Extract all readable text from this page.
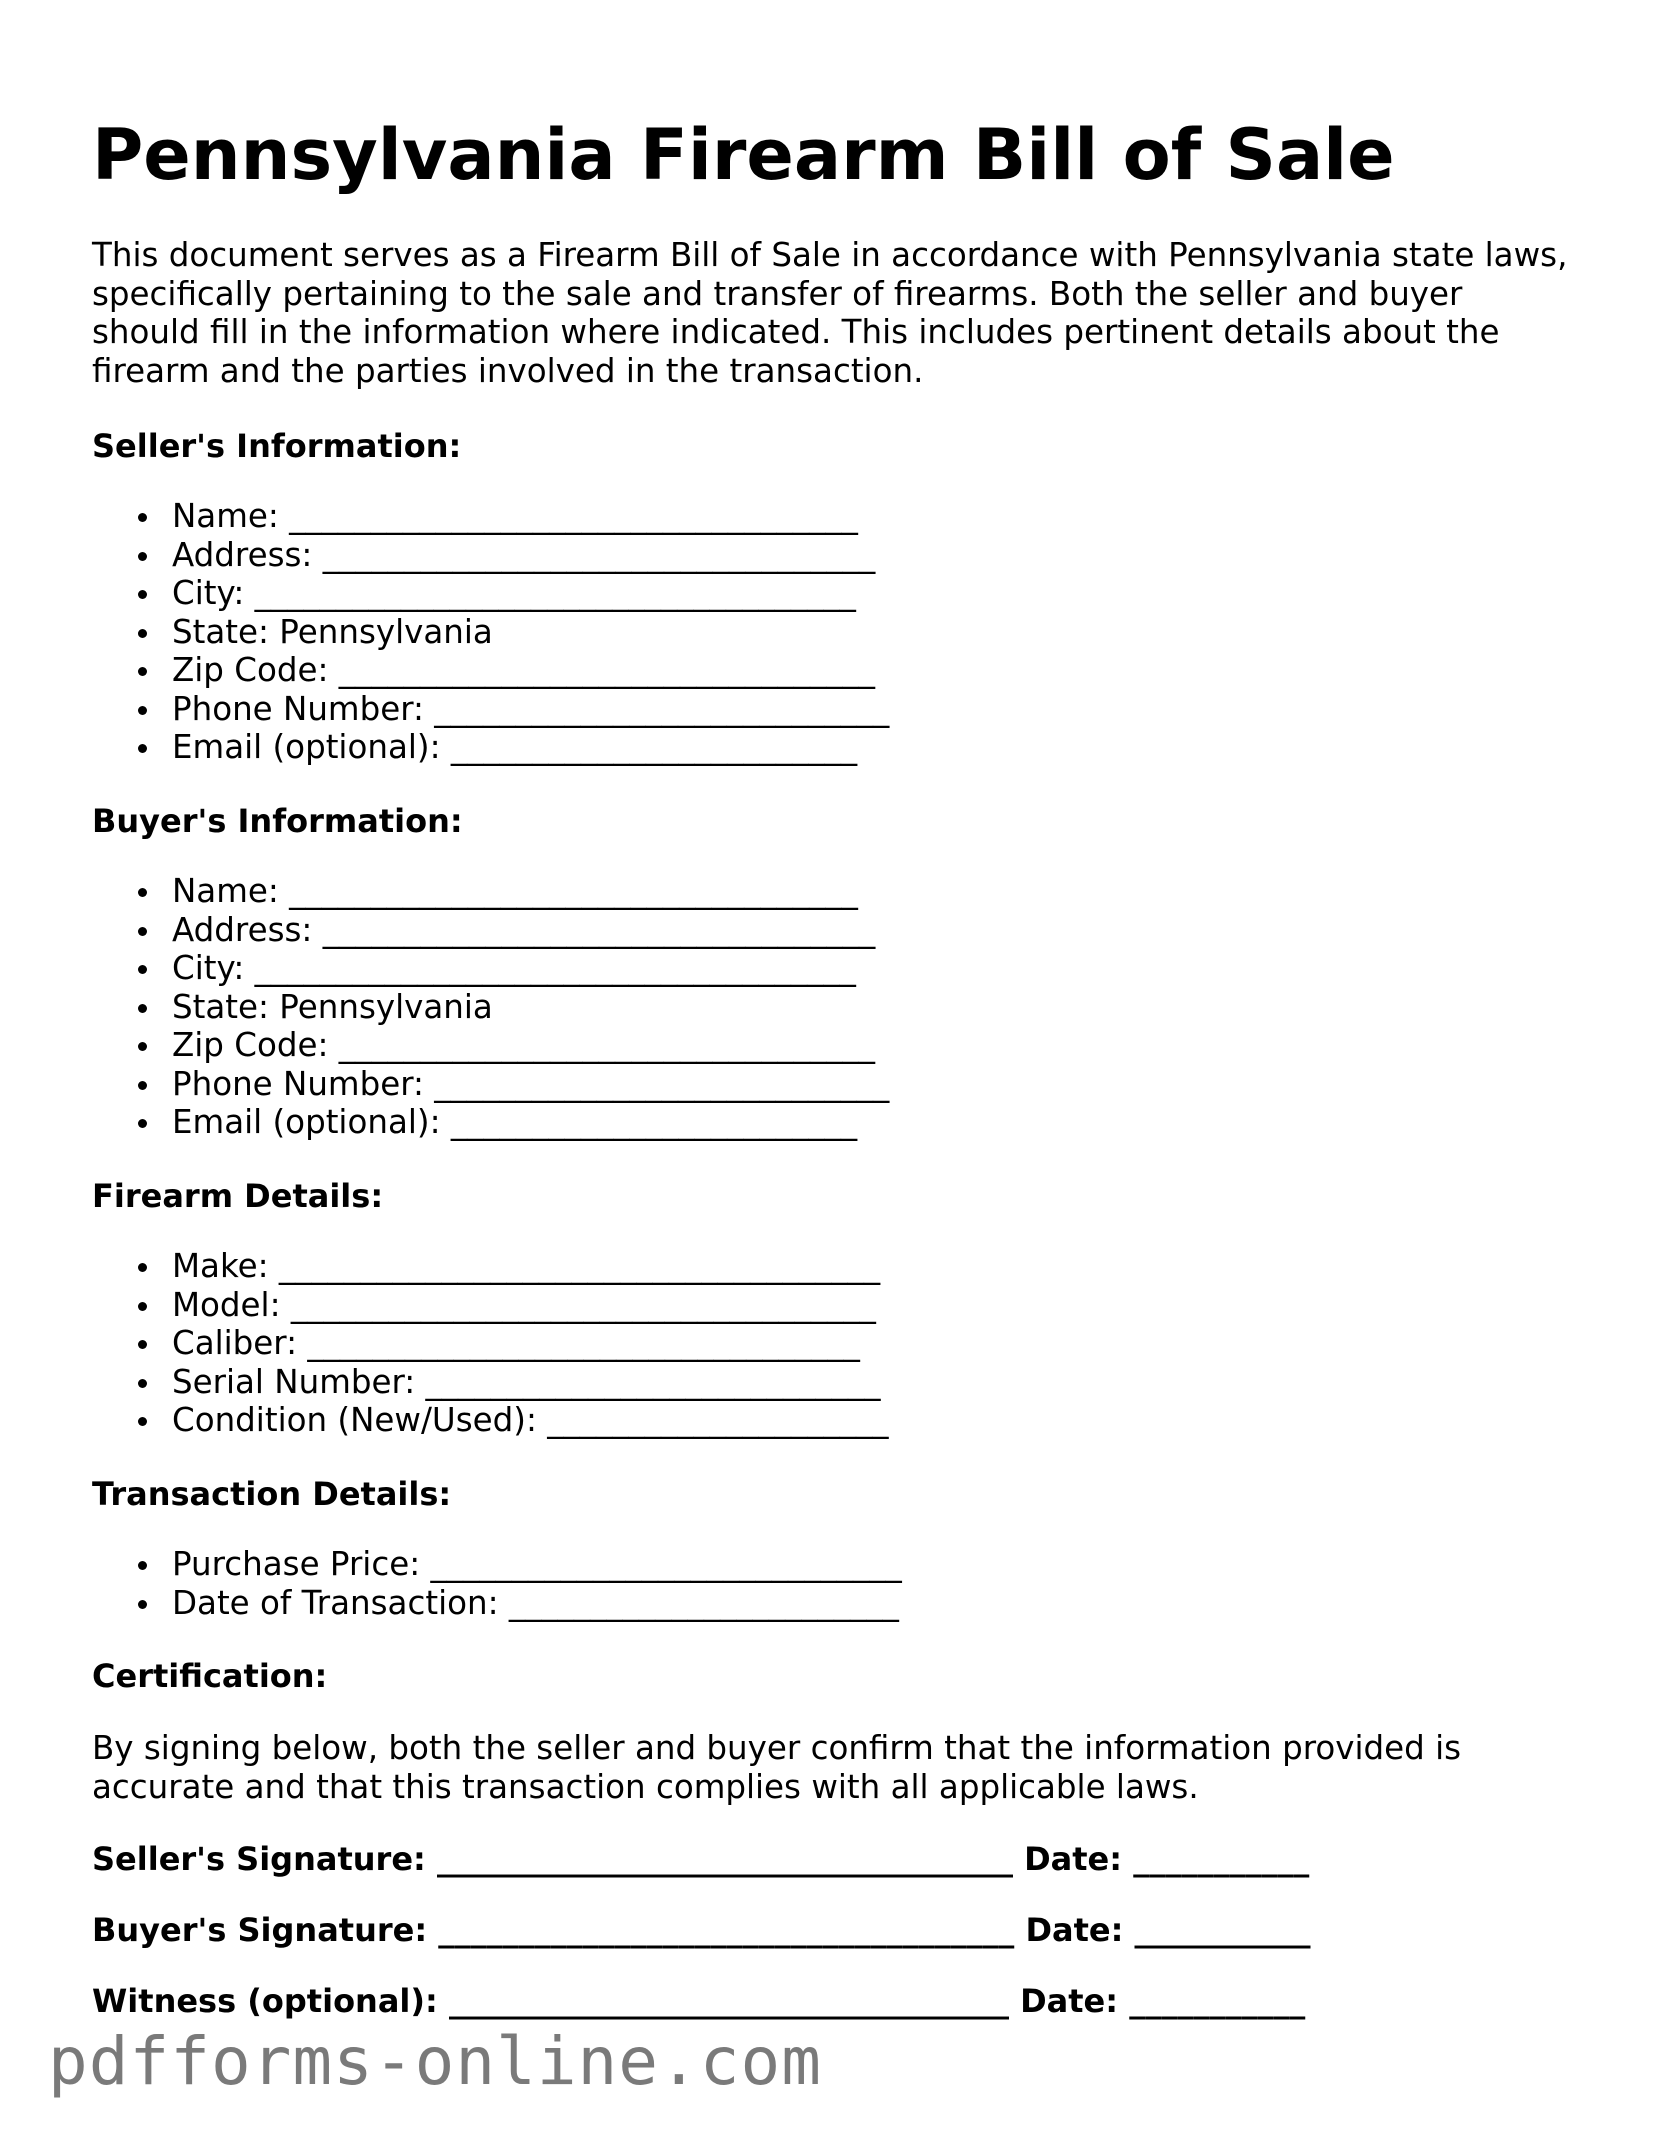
Pennsylvania Firearm Bill of Sale

This document serves as a Firearm Bill of Sale in accordance with Pennsylvania state laws, specifically pertaining to the sale and transfer of firearms. Both the seller and buyer should fill in the information where indicated. This includes pertinent details about the firearm and the parties involved in the transaction.

Seller's Information:

Name: ___________________________________
Address: __________________________________
City: _____________________________________
State: Pennsylvania
Zip Code: _________________________________
Phone Number: ____________________________
Email (optional): _________________________

Buyer's Information:

Name: ___________________________________
Address: __________________________________
City: _____________________________________
State: Pennsylvania
Zip Code: _________________________________
Phone Number: ____________________________
Email (optional): _________________________

Firearm Details:

Make: _____________________________________
Model: ____________________________________
Caliber: __________________________________
Serial Number: ____________________________
Condition (New/Used): _____________________

Transaction Details:

Purchase Price: _____________________________
Date of Transaction: ________________________

Certification:

By signing below, both the seller and buyer confirm that the information provided is accurate and that this transaction complies with all applicable laws.

Seller's Signature: ____________________________________ Date: ___________

Buyer's Signature: ____________________________________ Date: ___________

Witness (optional): ___________________________________ Date: ___________

pdfforms-online.com
